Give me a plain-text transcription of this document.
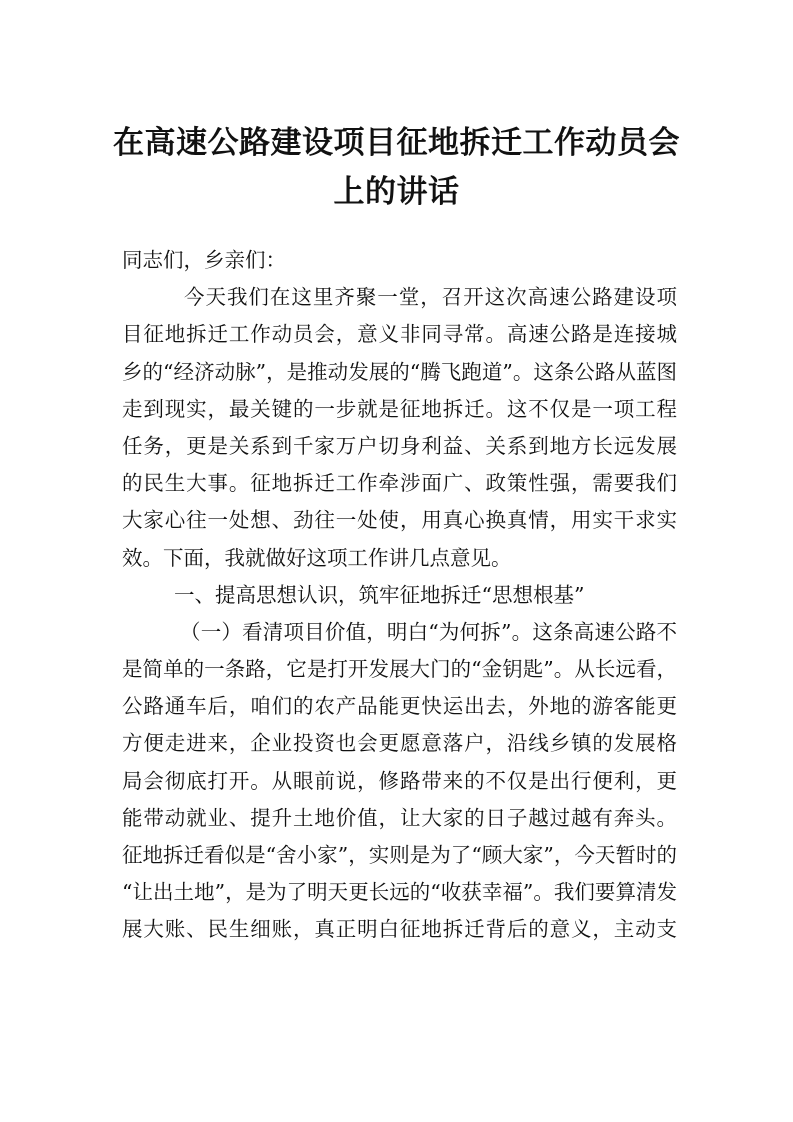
在高速公路建设项目征地拆迁工作动员会
上的讲话
同志们，乡亲们：
今天我们在这里齐聚一堂，召开这次高速公路建设项
目征地拆迁工作动员会，意义非同寻常。高速公路是连接城
乡的“经济动脉”，是推动发展的“腾飞跑道”。这条公路从蓝图
走到现实，最关键的一步就是征地拆迁。这不仅是一项工程
任务，更是关系到千家万户切身利益、关系到地方长远发展
的民生大事。征地拆迁工作牵涉面广、政策性强，需要我们
大家心往一处想、劲往一处使，用真心换真情，用实干求实
效。下面，我就做好这项工作讲几点意见。
一、提高思想认识，筑牢征地拆迁“思想根基”
（一）看清项目价值，明白“为何拆”。这条高速公路不
是简单的一条路，它是打开发展大门的“金钥匙”。从长远看，
公路通车后，咱们的农产品能更快运出去，外地的游客能更
方便走进来，企业投资也会更愿意落户，沿线乡镇的发展格
局会彻底打开。从眼前说，修路带来的不仅是出行便利，更
能带动就业、提升土地价值，让大家的日子越过越有奔头。
征地拆迁看似是“舍小家”，实则是为了“顾大家”，今天暂时的
“让出土地”，是为了明天更长远的“收获幸福”。我们要算清发
展大账、民生细账，真正明白征地拆迁背后的意义，主动支
